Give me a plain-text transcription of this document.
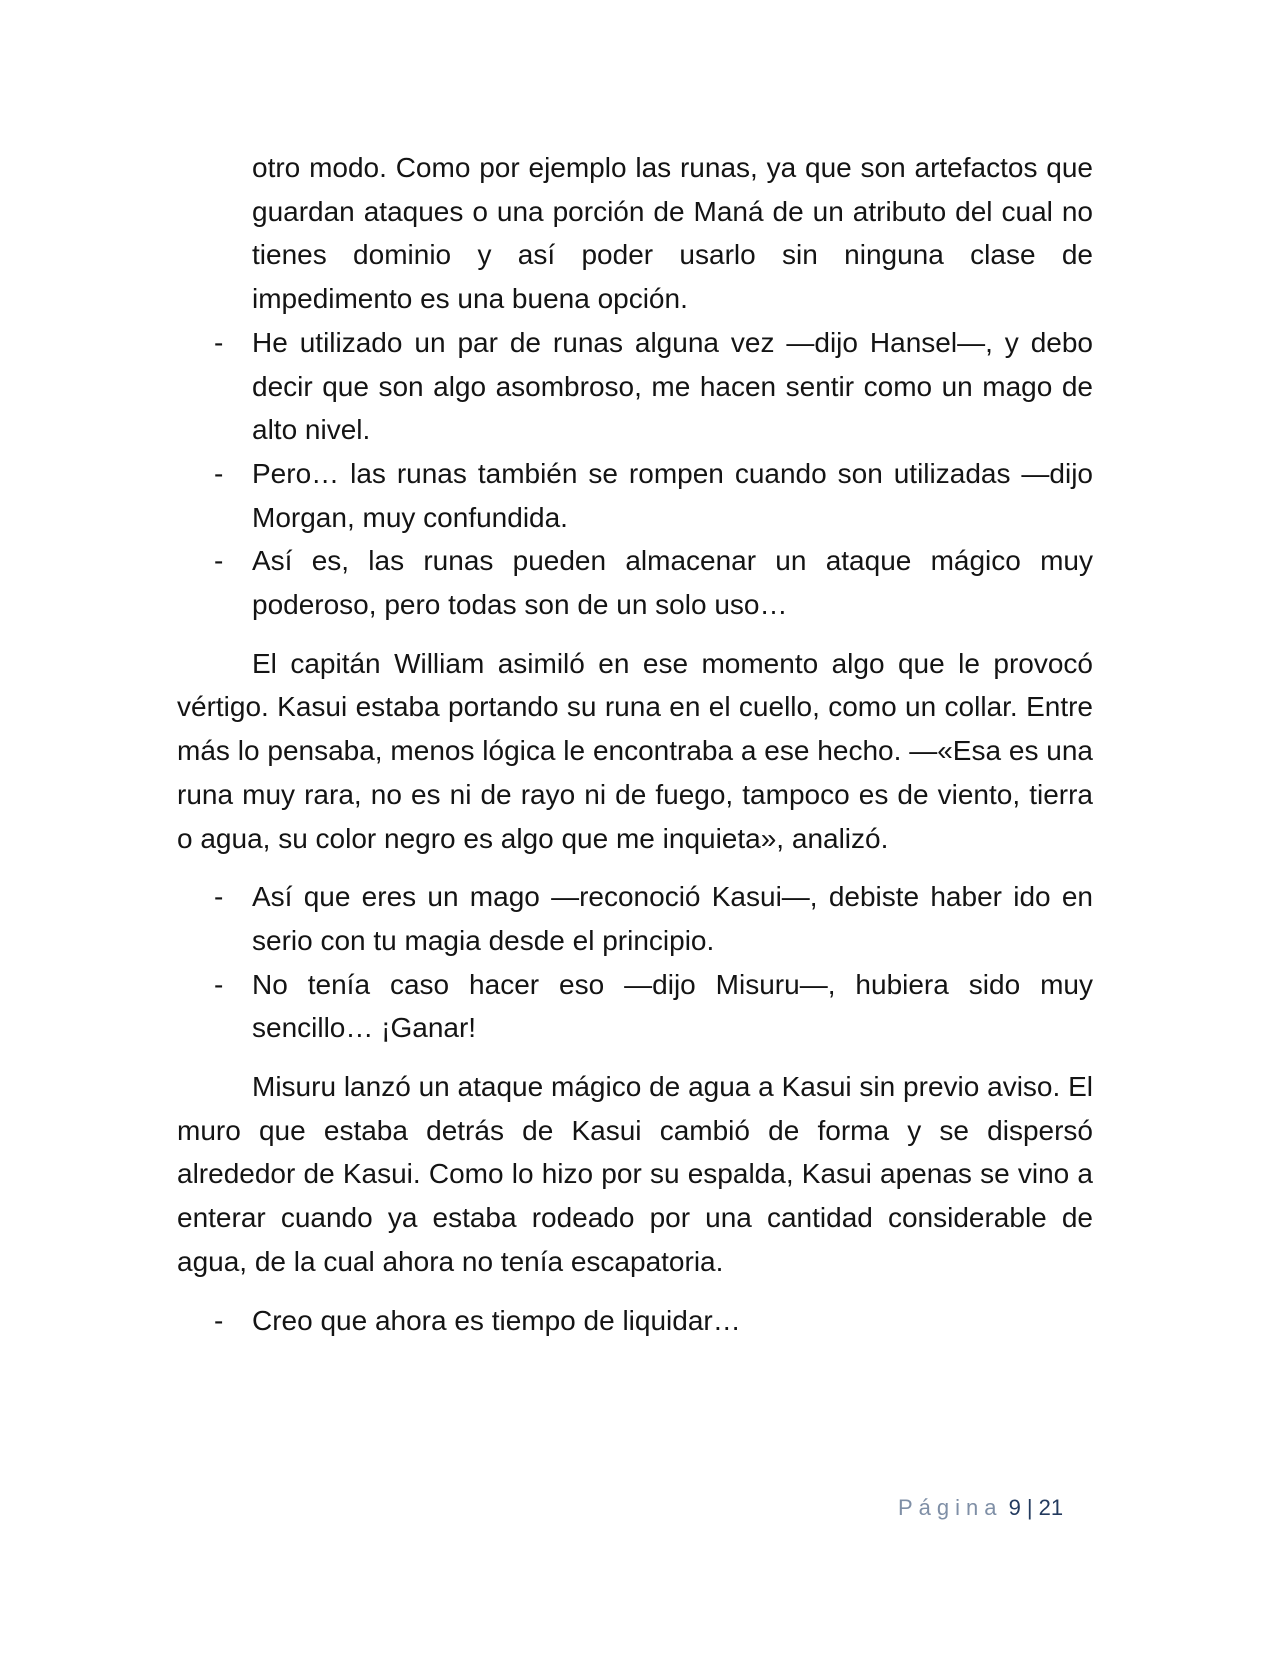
otro modo. Como por ejemplo las runas, ya que son artefactos que guardan ataques o una porción de Maná de un atributo del cual no tienes dominio y así poder usarlo sin ninguna clase de impedimento es una buena opción.
-	He utilizado un par de runas alguna vez —dijo Hansel—, y debo decir que son algo asombroso, me hacen sentir como un mago de alto nivel.
-	Pero… las runas también se rompen cuando son utilizadas —dijo Morgan, muy confundida.
-	Así es, las runas pueden almacenar un ataque mágico muy poderoso, pero todas son de un solo uso…

El capitán William asimiló en ese momento algo que le provocó vértigo. Kasui estaba portando su runa en el cuello, como un collar. Entre más lo pensaba, menos lógica le encontraba a ese hecho. —«Esa es una runa muy rara, no es ni de rayo ni de fuego, tampoco es de viento, tierra o agua, su color negro es algo que me inquieta», analizó.

-	Así que eres un mago —reconoció Kasui—, debiste haber ido en serio con tu magia desde el principio.
-	No tenía caso hacer eso —dijo Misuru—, hubiera sido muy sencillo… ¡Ganar!

Misuru lanzó un ataque mágico de agua a Kasui sin previo aviso. El muro que estaba detrás de Kasui cambió de forma y se dispersó alrededor de Kasui. Como lo hizo por su espalda, Kasui apenas se vino a enterar cuando ya estaba rodeado por una cantidad considerable de agua, de la cual ahora no tenía escapatoria.

-	Creo que ahora es tiempo de liquidar…
Página 9 | 21
